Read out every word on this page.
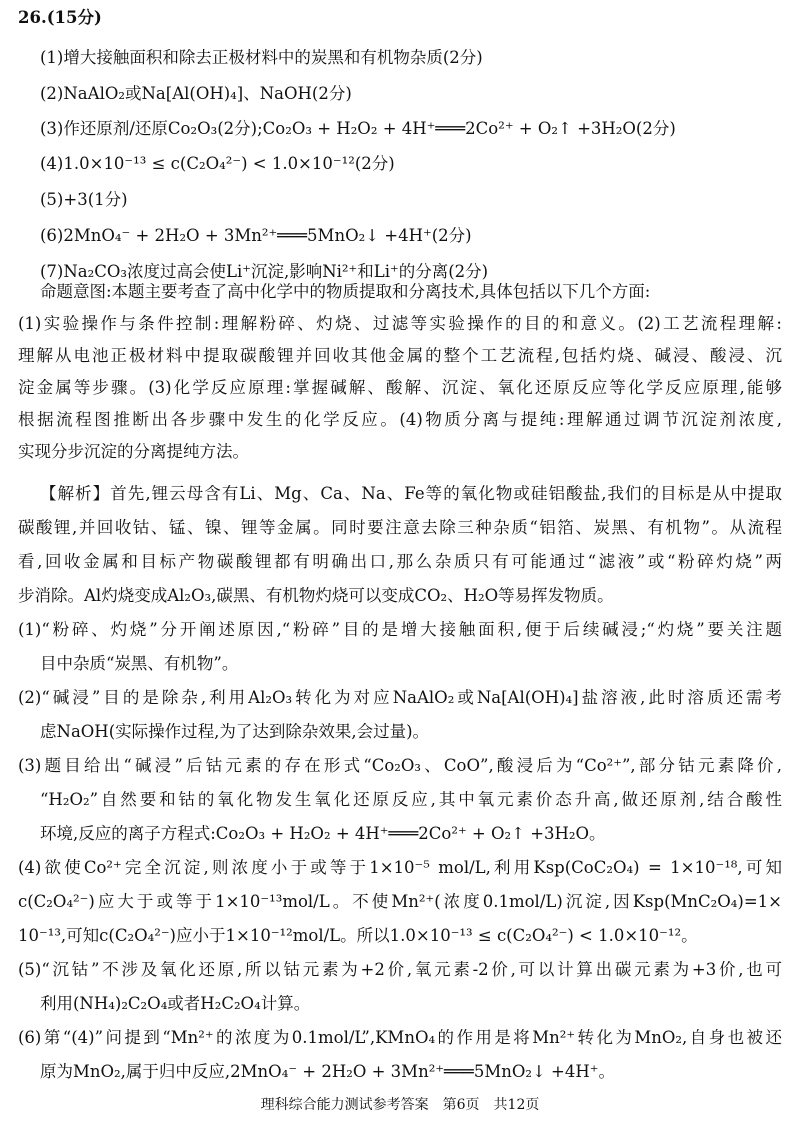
26.(15分)
(1)增大接触面积和除去正极材料中的炭黑和有机物杂质(2分)
(2)NaAlO₂或Na[Al(OH)₄]、NaOH(2分)
(3)作还原剂/还原Co₂O₃(2分);Co₂O₃ + H₂O₂ + 4H⁺═══2Co²⁺ + O₂↑ +3H₂O(2分)
(4)1.0×10⁻¹³ ≤ c(C₂O₄²⁻) < 1.0×10⁻¹²(2分)
(5)+3(1分)
(6)2MnO₄⁻ + 2H₂O + 3Mn²⁺═══5MnO₂↓ +4H⁺(2分)
(7)Na₂CO₃浓度过高会使Li⁺沉淀,影响Ni²⁺和Li⁺的分离(2分)
命题意图:本题主要考查了高中化学中的物质提取和分离技术,具体包括以下几个方面:
(1)实验操作与条件控制:理解粉碎、灼烧、过滤等实验操作的目的和意义。(2)工艺流程理解:
理解从电池正极材料中提取碳酸锂并回收其他金属的整个工艺流程,包括灼烧、碱浸、酸浸、沉
淀金属等步骤。(3)化学反应原理:掌握碱解、酸解、沉淀、氧化还原反应等化学反应原理,能够
根据流程图推断出各步骤中发生的化学反应。(4)物质分离与提纯:理解通过调节沉淀剂浓度,
实现分步沉淀的分离提纯方法。
【解析】首先,锂云母含有Li、Mg、Ca、Na、Fe等的氧化物或硅铝酸盐,我们的目标是从中提取
碳酸锂,并回收钴、锰、镍、锂等金属。同时要注意去除三种杂质“铝箔、炭黑、有机物”。从流程
看,回收金属和目标产物碳酸锂都有明确出口,那么杂质只有可能通过“滤液”或“粉碎灼烧”两
步消除。Al灼烧变成Al₂O₃,碳黑、有机物灼烧可以变成CO₂、H₂O等易挥发物质。
(1)“粉碎、灼烧”分开阐述原因,“粉碎”目的是增大接触面积,便于后续碱浸;“灼烧”要关注题
目中杂质“炭黑、有机物”。
(2)“碱浸”目的是除杂,利用Al₂O₃转化为对应NaAlO₂或Na[Al(OH)₄]盐溶液,此时溶质还需考
虑NaOH(实际操作过程,为了达到除杂效果,会过量)。
(3)题目给出“碱浸”后钴元素的存在形式“Co₂O₃、CoO”,酸浸后为“Co²⁺”,部分钴元素降价,
“H₂O₂”自然要和钴的氧化物发生氧化还原反应,其中氧元素价态升高,做还原剂,结合酸性
环境,反应的离子方程式:Co₂O₃ + H₂O₂ + 4H⁺═══2Co²⁺ + O₂↑ +3H₂O。
(4)欲使Co²⁺完全沉淀,则浓度小于或等于1×10⁻⁵ mol/L,利用Ksp(CoC₂O₄) = 1×10⁻¹⁸,可知
c(C₂O₄²⁻)应大于或等于1×10⁻¹³mol/L。不使Mn²⁺(浓度0.1mol/L)沉淀,因Ksp(MnC₂O₄)=1×
10⁻¹³,可知c(C₂O₄²⁻)应小于1×10⁻¹²mol/L。所以1.0×10⁻¹³ ≤ c(C₂O₄²⁻) < 1.0×10⁻¹²。
(5)“沉钴”不涉及氧化还原,所以钴元素为+2价,氧元素-2价,可以计算出碳元素为+3价,也可
利用(NH₄)₂C₂O₄或者H₂C₂O₄计算。
(6)第“(4)”问提到“Mn²⁺的浓度为0.1mol/L”,KMnO₄的作用是将Mn²⁺转化为MnO₂,自身也被还
理科综合能力测试参考答案　第6页　共12页
原为MnO₂,属于归中反应,2MnO₄⁻ + 2H₂O + 3Mn²⁺═══5MnO₂↓ +4H⁺。
